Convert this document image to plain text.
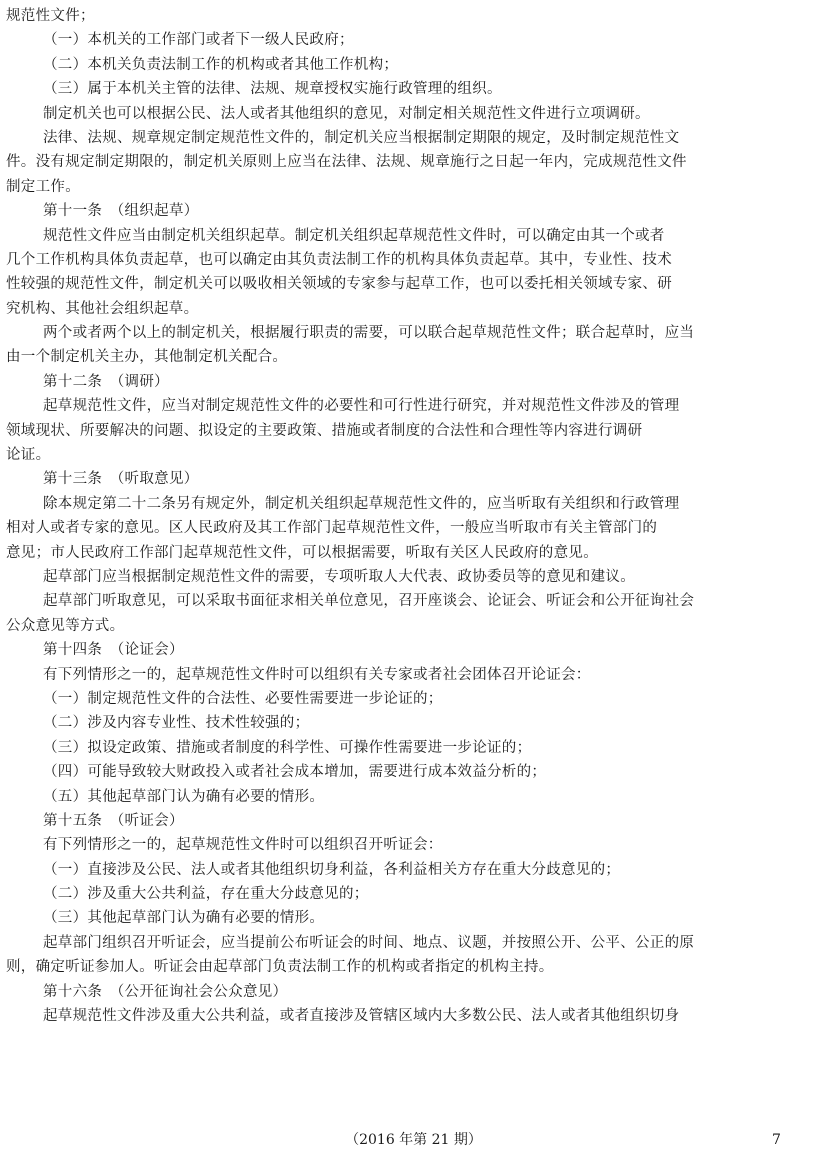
规范性文件；
（一）本机关的工作部门或者下一级人民政府；
（二）本机关负责法制工作的机构或者其他工作机构；
（三）属于本机关主管的法律、法规、规章授权实施行政管理的组织。
制定机关也可以根据公民、法人或者其他组织的意见，对制定相关规范性文件进行立项调研。
法律、法规、规章规定制定规范性文件的，制定机关应当根据制定期限的规定，及时制定规范性文
件。没有规定制定期限的，制定机关原则上应当在法律、法规、规章施行之日起一年内，完成规范性文件
制定工作。
第十一条　（组织起草）
规范性文件应当由制定机关组织起草。制定机关组织起草规范性文件时，可以确定由其一个或者
几个工作机构具体负责起草，也可以确定由其负责法制工作的机构具体负责起草。其中，专业性、技术
性较强的规范性文件，制定机关可以吸收相关领域的专家参与起草工作，也可以委托相关领域专家、研
究机构、其他社会组织起草。
两个或者两个以上的制定机关，根据履行职责的需要，可以联合起草规范性文件；联合起草时，应当
由一个制定机关主办，其他制定机关配合。
第十二条　（调研）
起草规范性文件，应当对制定规范性文件的必要性和可行性进行研究，并对规范性文件涉及的管理
领域现状、所要解决的问题、拟设定的主要政策、措施或者制度的合法性和合理性等内容进行调研
论证。
第十三条　（听取意见）
除本规定第二十二条另有规定外，制定机关组织起草规范性文件的，应当听取有关组织和行政管理
相对人或者专家的意见。区人民政府及其工作部门起草规范性文件，一般应当听取市有关主管部门的
意见；市人民政府工作部门起草规范性文件，可以根据需要，听取有关区人民政府的意见。
起草部门应当根据制定规范性文件的需要，专项听取人大代表、政协委员等的意见和建议。
起草部门听取意见，可以采取书面征求相关单位意见，召开座谈会、论证会、听证会和公开征询社会
公众意见等方式。
第十四条　（论证会）
有下列情形之一的，起草规范性文件时可以组织有关专家或者社会团体召开论证会：
（一）制定规范性文件的合法性、必要性需要进一步论证的；
（二）涉及内容专业性、技术性较强的；
（三）拟设定政策、措施或者制度的科学性、可操作性需要进一步论证的；
（四）可能导致较大财政投入或者社会成本增加，需要进行成本效益分析的；
（五）其他起草部门认为确有必要的情形。
第十五条　（听证会）
有下列情形之一的，起草规范性文件时可以组织召开听证会：
（一）直接涉及公民、法人或者其他组织切身利益，各利益相关方存在重大分歧意见的；
（二）涉及重大公共利益，存在重大分歧意见的；
（三）其他起草部门认为确有必要的情形。
起草部门组织召开听证会，应当提前公布听证会的时间、地点、议题，并按照公开、公平、公正的原
则，确定听证参加人。听证会由起草部门负责法制工作的机构或者指定的机构主持。
第十六条　（公开征询社会公众意见）
起草规范性文件涉及重大公共利益，或者直接涉及管辖区域内大多数公民、法人或者其他组织切身
（2016 年第 21 期）	7
